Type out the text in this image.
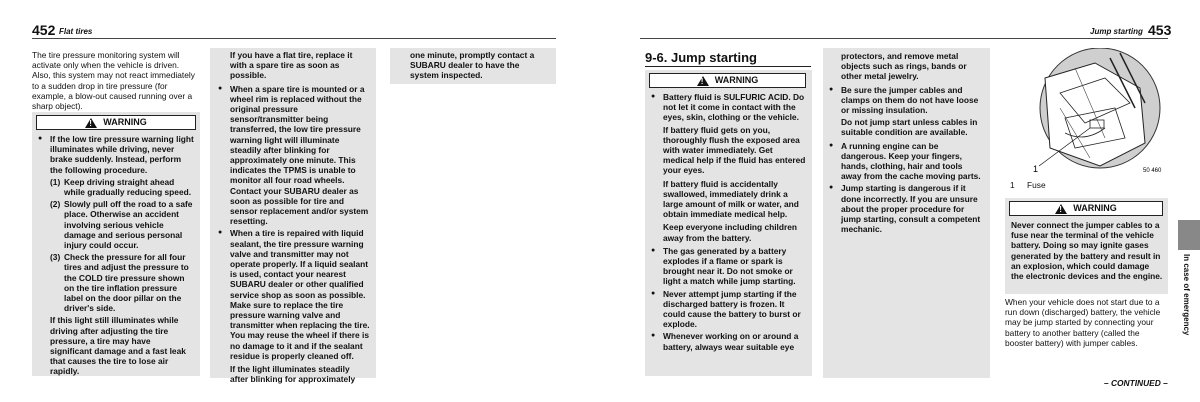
452 Flat tires

The tire pressure monitoring system will activate only when the vehicle is driven. Also, this system may not react immediately to a sudden drop in tire pressure (for example, a blow-out caused running over a sharp object).

! WARNING
● If the low tire pressure warning light illuminates while driving, never brake suddenly. Instead, perform the following procedure.
(1) Keep driving straight ahead while gradually reducing speed.
(2) Slowly pull off the road to a safe place. Otherwise an accident involving serious vehicle damage and serious personal injury could occur.
(3) Check the pressure for all four tires and adjust the pressure to the COLD tire pressure shown on the tire inflation pressure label on the door pillar on the driver's side.

If this light still illuminates while driving after adjusting the tire pressure, a tire may have significant damage and a fast leak that causes the tire to lose air rapidly.

If you have a flat tire, replace it with a spare tire as soon as possible.

● When a spare tire is mounted or a wheel rim is replaced without the original pressure sensor/transmitter being transferred, the low tire pressure warning light will illuminate steadily after blinking for approximately one minute. This indicates the TPMS is unable to monitor all four road wheels. Contact your SUBARU dealer as soon as possible for tire and sensor replacement and/or system resetting.
● When a tire is repaired with liquid sealant, the tire pressure warning valve and transmitter may not operate properly. If a liquid sealant is used, contact your nearest SUBARU dealer or other qualified service shop as soon as possible. Make sure to replace the tire pressure warning valve and transmitter when replacing the tire. You may reuse the wheel if there is no damage to it and if the sealant residue is properly cleaned off.

If the light illuminates steadily after blinking for approximately

one minute, promptly contact a SUBARU dealer to have the system inspected.

Jump starting 453
9-6. Jump starting
! WARNING
● Battery fluid is SULFURIC ACID. Do not let it come in contact with the eyes, skin, clothing or the vehicle.

If battery fluid gets on you, thoroughly flush the exposed area with water immediately. Get medical help if the fluid has entered your eyes.

If battery fluid is accidentally swallowed, immediately drink a large amount of milk or water, and obtain immediate medical help.

Keep everyone including children away from the battery.

● The gas generated by a battery explodes if a flame or spark is brought near it. Do not smoke or light a match while jump starting.
● Never attempt jump starting if the discharged battery is frozen. It could cause the battery to burst or explode.
● Whenever working on or around a battery, always wear suitable eye

protectors, and remove metal objects such as rings, bands or other metal jewelry.

● Be sure the jumper cables and clamps on them do not have loose or missing insulation.

Do not jump start unless cables in suitable condition are available.

● A running engine can be dangerous. Keep your fingers, hands, clothing, hair and tools away from the cache moving parts.
● Jump starting is dangerous if it done incorrectly. If you are unsure about the proper procedure for jump starting, consult a competent mechanic.
1	50 460
1 Fuse
! WARNING

Never connect the jumper cables to a fuse near the terminal of the vehicle battery. Doing so may ignite gases generated by the battery and result in an explosion, which could damage the electronic devices and the engine.

When your vehicle does not start due to a run down (discharged) battery, the vehicle may be jump started by connecting your battery to another battery (called the booster battery) with jumper cables.

In case of emergency
– CONTINUED –
